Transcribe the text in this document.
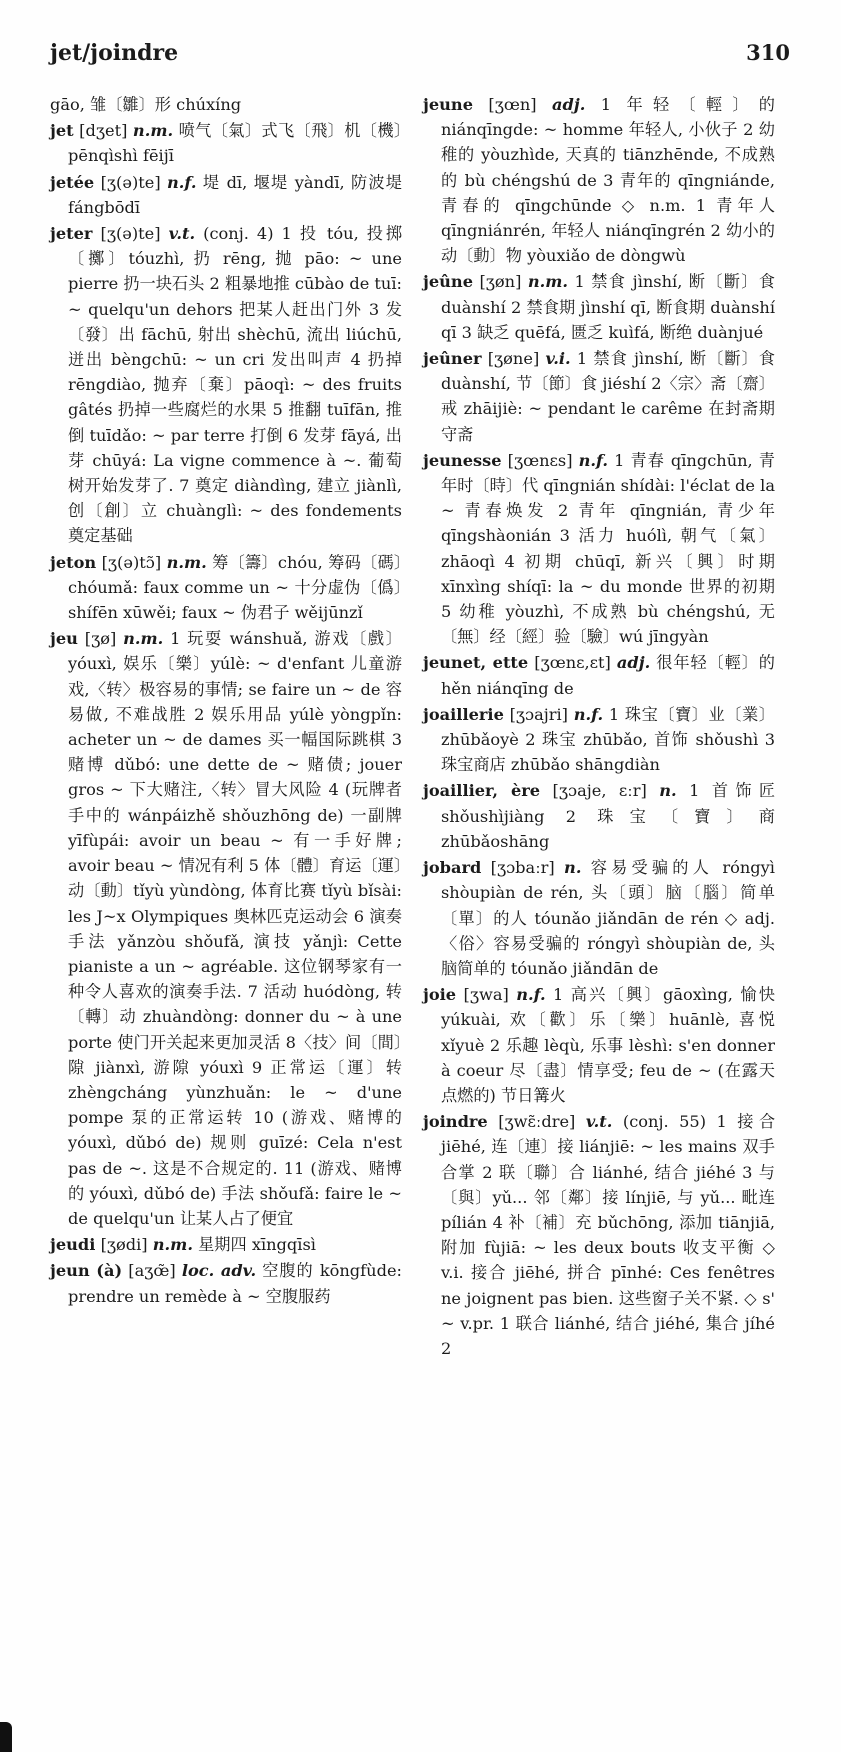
jet/joindre	310

gāo, 雏〔雛〕形 chúxíng

jet [dʒet] n.m. 喷气〔氣〕式飞〔飛〕机〔機〕pēnqìshì fēijī

jetée [ʒ(ə)te] n.f. 堤 dī, 堰堤 yàndī, 防波堤 fángbōdī

jeter [ʒ(ə)te] v.t. (conj. 4) 1 投 tóu, 投掷〔擲〕tóuzhì, 扔 rēng, 抛 pāo: ~ une pierre 扔一块石头 2 粗暴地推 cūbào de tuī: ~ quelqu'un dehors 把某人赶出门外 3 发〔發〕出 fāchū, 射出 shèchū, 流出 liúchū, 迸出 bèngchū: ~ un cri 发出叫声 4 扔掉 rēngdiào, 抛弃〔棄〕pāoqì: ~ des fruits gâtés 扔掉一些腐烂的水果 5 推翻 tuīfān, 推倒 tuīdǎo: ~ par terre 打倒 6 发芽 fāyá, 出芽 chūyá: La vigne commence à ~. 葡萄树开始发芽了. 7 奠定 diàndìng, 建立 jiànlì, 创〔創〕立 chuànglì: ~ des fondements 奠定基础

jeton [ʒ(ə)tɔ̃] n.m. 筹〔籌〕chóu, 筹码〔碼〕chóumǎ: faux comme un ~ 十分虚伪〔僞〕shífēn xūwěi; faux ~ 伪君子 wěijūnzǐ

jeu [ʒø] n.m. 1 玩耍 wánshuǎ, 游戏〔戲〕yóuxì, 娱乐〔樂〕yúlè: ~ d'enfant 儿童游戏,〈转〉极容易的事情; se faire un ~ de 容易做, 不难战胜 2 娱乐用品 yúlè yòngpǐn: acheter un ~ de dames 买一幅国际跳棋 3 赌博 dǔbó: une dette de ~ 赌债; jouer gros ~ 下大赌注,〈转〉冒大风险 4 (玩牌者手中的 wánpáizhě shǒuzhōng de) 一副牌 yīfùpái: avoir un beau ~ 有一手好牌; avoir beau ~ 情况有利 5 体〔體〕育运〔運〕动〔動〕tǐyù yùndòng, 体育比赛 tǐyù bǐsài: les J~x Olympiques 奥林匹克运动会 6 演奏手法 yǎnzòu shǒufǎ, 演技 yǎnjì: Cette pianiste a un ~ agréable. 这位钢琴家有一种令人喜欢的演奏手法. 7 活动 huódòng, 转〔轉〕动 zhuàndòng: donner du ~ à une porte 使门开关起来更加灵活 8〈技〉间〔間〕隙 jiànxì, 游隙 yóuxì 9 正常运〔運〕转 zhèngcháng yùnzhuǎn: le ~ d'une pompe 泵的正常运转 10 (游戏、赌博的 yóuxì, dǔbó de) 规则 guīzé: Cela n'est pas de ~. 这是不合规定的. 11 (游戏、赌博的 yóuxì, dǔbó de) 手法 shǒufǎ: faire le ~ de quelqu'un 让某人占了便宜

jeudi [ʒødi] n.m. 星期四 xīngqīsì

jeun (à) [aʒœ̃] loc. adv. 空腹的 kōngfùde: prendre un remède à ~ 空腹服药

jeune [ʒœn] adj. 1 年轻〔輕〕的 niánqīngde: ~ homme 年轻人, 小伙子 2 幼稚的 yòuzhìde, 天真的 tiānzhēnde, 不成熟的 bù chéngshú de 3 青年的 qīngniánde, 青春的 qīngchūnde ◇ n.m. 1 青年人 qīngniánrén, 年轻人 niánqīngrén 2 幼小的动〔動〕物 yòuxiǎo de dòngwù

jeûne [ʒøn] n.m. 1 禁食 jìnshí, 断〔斷〕食 duànshí 2 禁食期 jìnshí qī, 断食期 duànshí qī 3 缺乏 quēfá, 匮乏 kuìfá, 断绝 duànjué

jeûner [ʒøne] v.i. 1 禁食 jìnshí, 断〔斷〕食 duànshí, 节〔節〕食 jiéshí 2〈宗〉斋〔齋〕戒 zhāijiè: ~ pendant le carême 在封斋期守斋

jeunesse [ʒœnɛs] n.f. 1 青春 qīngchūn, 青年时〔時〕代 qīngnián shídài: l'éclat de la ~ 青春焕发 2 青年 qīngnián, 青少年 qīngshàonián 3 活力 huólì, 朝气〔氣〕zhāoqì 4 初期 chūqī, 新兴〔興〕时期 xīnxìng shíqī: la ~ du monde 世界的初期 5 幼稚 yòuzhì, 不成熟 bù chéngshú, 无〔無〕经〔經〕验〔驗〕wú jīngyàn

jeunet, ette [ʒœnɛ,ɛt] adj. 很年轻〔輕〕的 hěn niánqīng de

joaillerie [ʒɔajri] n.f. 1 珠宝〔寶〕业〔業〕zhūbǎoyè 2 珠宝 zhūbǎo, 首饰 shǒushì 3 珠宝商店 zhūbǎo shāngdiàn

joaillier, ère [ʒɔaje, ɛːr] n. 1 首饰匠 shǒushìjiàng 2 珠宝〔寶〕商 zhūbǎoshāng

jobard [ʒɔbaːr] n. 容易受骗的人 róngyì shòupiàn de rén, 头〔頭〕脑〔腦〕简单〔單〕的人 tóunǎo jiǎndān de rén ◇ adj.〈俗〉容易受骗的 róngyì shòupiàn de, 头脑简单的 tóunǎo jiǎndān de

joie [ʒwa] n.f. 1 高兴〔興〕gāoxìng, 愉快 yúkuài, 欢〔歡〕乐〔樂〕huānlè, 喜悦 xǐyuè 2 乐趣 lèqù, 乐事 lèshì: s'en donner à coeur 尽〔盡〕情享受; feu de ~ (在露天点燃的) 节日篝火

joindre [ʒwɛ̃ːdre] v.t. (conj. 55) 1 接合 jiēhé, 连〔連〕接 liánjiē: ~ les mains 双手合掌 2 联〔聯〕合 liánhé, 结合 jiéhé 3 与〔與〕yǔ... 邻〔鄰〕接 línjiē, 与 yǔ... 毗连 pílián 4 补〔補〕充 bǔchōng, 添加 tiānjiā, 附加 fùjiā: ~ les deux bouts 收支平衡 ◇ v.i. 接合 jiēhé, 拼合 pīnhé: Ces fenêtres ne joignent pas bien. 这些窗子关不紧. ◇ s' ~ v.pr. 1 联合 liánhé, 结合 jiéhé, 集合 jíhé 2
